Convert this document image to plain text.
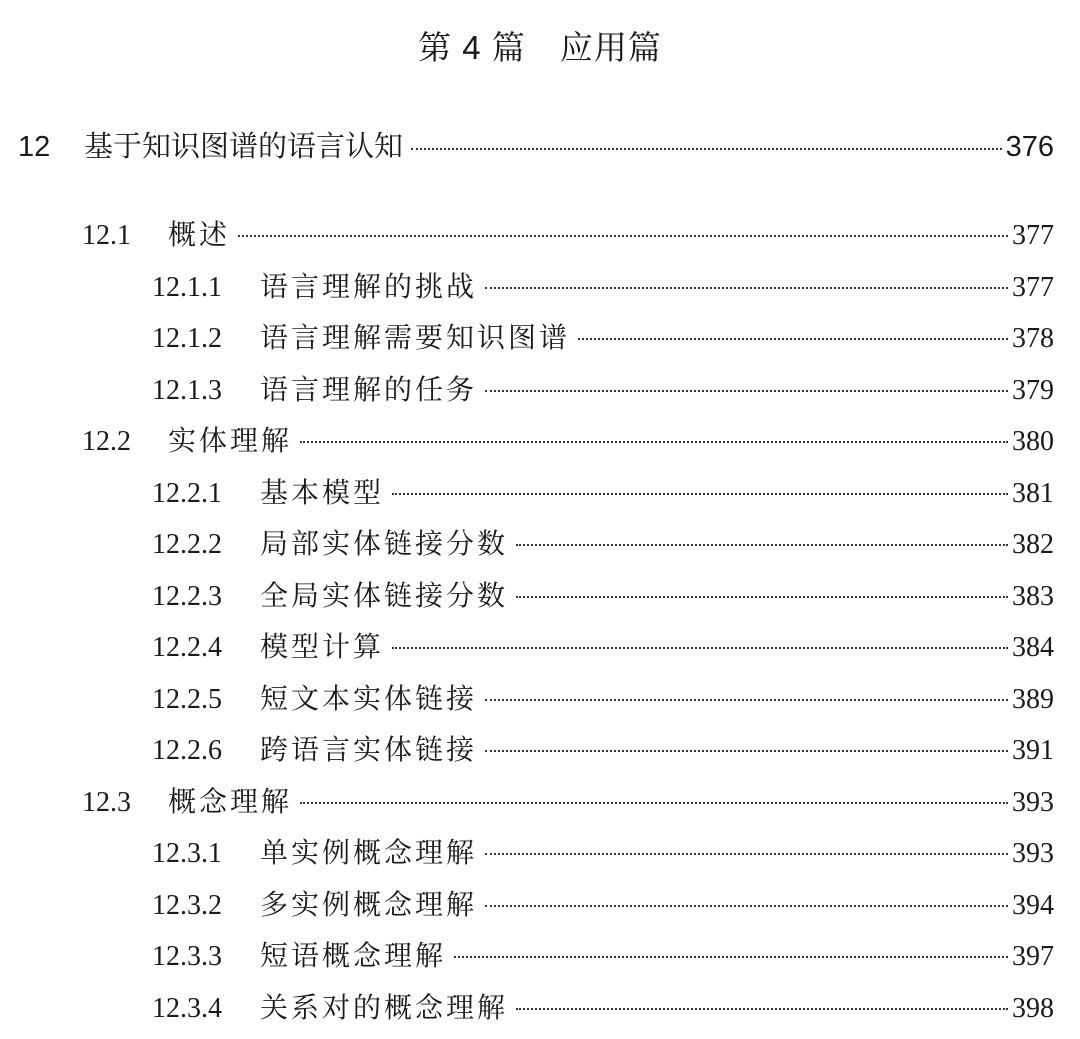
第 4 篇 应用篇
12	基于知识图谱的语言认知	376
12.1	概述	377
12.1.1	语言理解的挑战	377
12.1.2	语言理解需要知识图谱	378
12.1.3	语言理解的任务	379
12.2	实体理解	380
12.2.1	基本模型	381
12.2.2	局部实体链接分数	382
12.2.3	全局实体链接分数	383
12.2.4	模型计算	384
12.2.5	短文本实体链接	389
12.2.6	跨语言实体链接	391
12.3	概念理解	393
12.3.1	单实例概念理解	393
12.3.2	多实例概念理解	394
12.3.3	短语概念理解	397
12.3.4	关系对的概念理解	398
